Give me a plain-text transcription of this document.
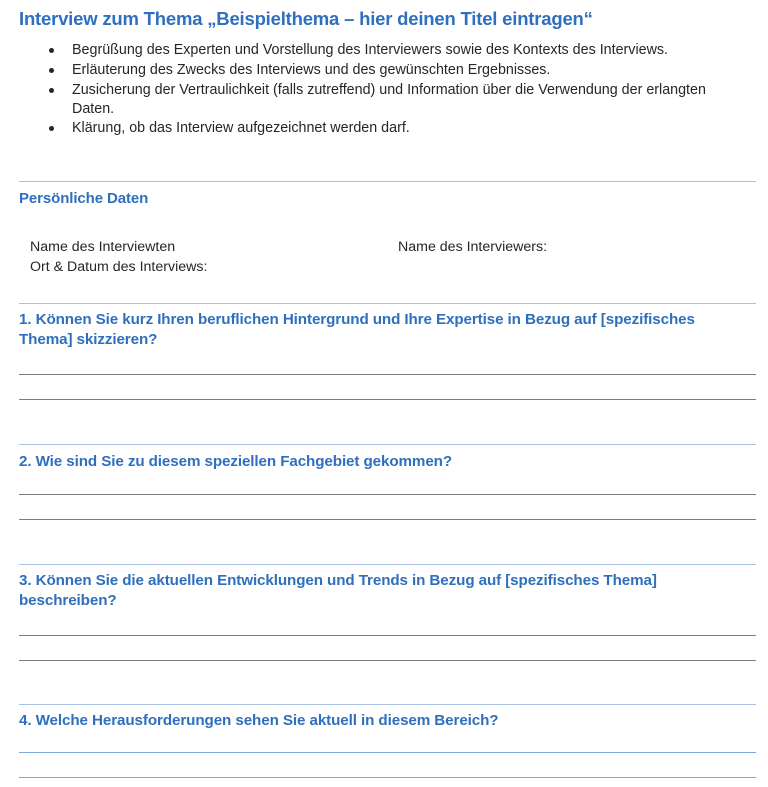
Interview zum Thema „Beispielthema – hier deinen Titel eintragen“
Begrüßung des Experten und Vorstellung des Interviewers sowie des Kontexts des Interviews.
Erläuterung des Zwecks des Interviews und des gewünschten Ergebnisses.
Zusicherung der Vertraulichkeit (falls zutreffend) und Information über die Verwendung der erlangten Daten.
Klärung, ob das Interview aufgezeichnet werden darf.
Persönliche Daten
Name des Interviewten	Name des Interviewers:
Ort & Datum des Interviews:
1. Können Sie kurz Ihren beruflichen Hintergrund und Ihre Expertise in Bezug auf [spezifisches Thema] skizzieren?
2. Wie sind Sie zu diesem speziellen Fachgebiet gekommen?
3. Können Sie die aktuellen Entwicklungen und Trends in Bezug auf [spezifisches Thema] beschreiben?
4. Welche Herausforderungen sehen Sie aktuell in diesem Bereich?
